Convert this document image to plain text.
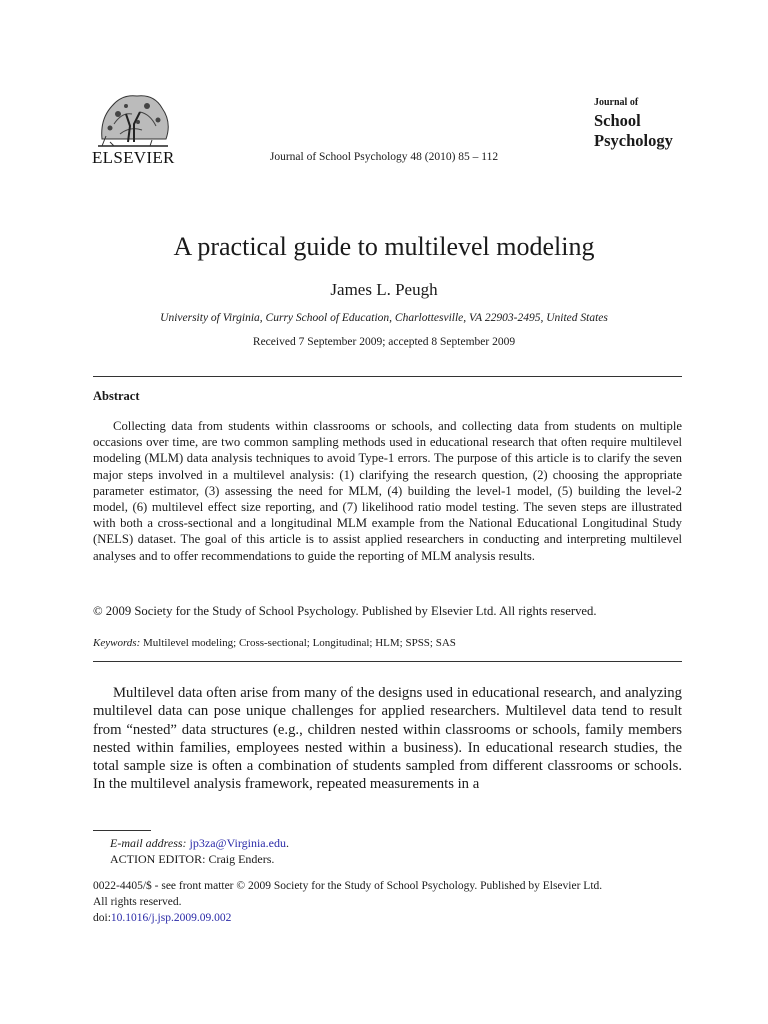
ELSEVIER	Journal of School Psychology 48 (2010) 85 – 112
Journal of
School
Psychology
A practical guide to multilevel modeling
James L. Peugh
University of Virginia, Curry School of Education, Charlottesville, VA 22903-2495, United States
Received 7 September 2009; accepted 8 September 2009
Abstract

Collecting data from students within classrooms or schools, and collecting data from students on multiple occasions over time, are two common sampling methods used in educational research that often require multilevel modeling (MLM) data analysis techniques to avoid Type-1 errors. The purpose of this article is to clarify the seven major steps involved in a multilevel analysis: (1) clarifying the research question, (2) choosing the appropriate parameter estimator, (3) assessing the need for MLM, (4) building the level-1 model, (5) building the level-2 model, (6) multilevel effect size reporting, and (7) likelihood ratio model testing. The seven steps are illustrated with both a cross-sectional and a longitudinal MLM example from the National Educational Longitudinal Study (NELS) dataset. The goal of this article is to assist applied researchers in conducting and interpreting multilevel analyses and to offer recommendations to guide the reporting of MLM analysis results.

© 2009 Society for the Study of School Psychology. Published by Elsevier Ltd. All rights reserved.
Keywords: Multilevel modeling; Cross-sectional; Longitudinal; HLM; SPSS; SAS

Multilevel data often arise from many of the designs used in educational research, and analyzing multilevel data can pose unique challenges for applied researchers. Multilevel data tend to result from “nested” data structures (e.g., children nested within classrooms or schools, family members nested within families, employees nested within a business). In educational research studies, the total sample size is often a combination of students sampled from different classrooms or schools. In the multilevel analysis framework, repeated measurements in a

E-mail address: jp3za@Virginia.edu.
ACTION EDITOR: Craig Enders.
0022-4405/$ - see front matter © 2009 Society for the Study of School Psychology. Published by Elsevier Ltd.
All rights reserved.
doi:10.1016/j.jsp.2009.09.002
